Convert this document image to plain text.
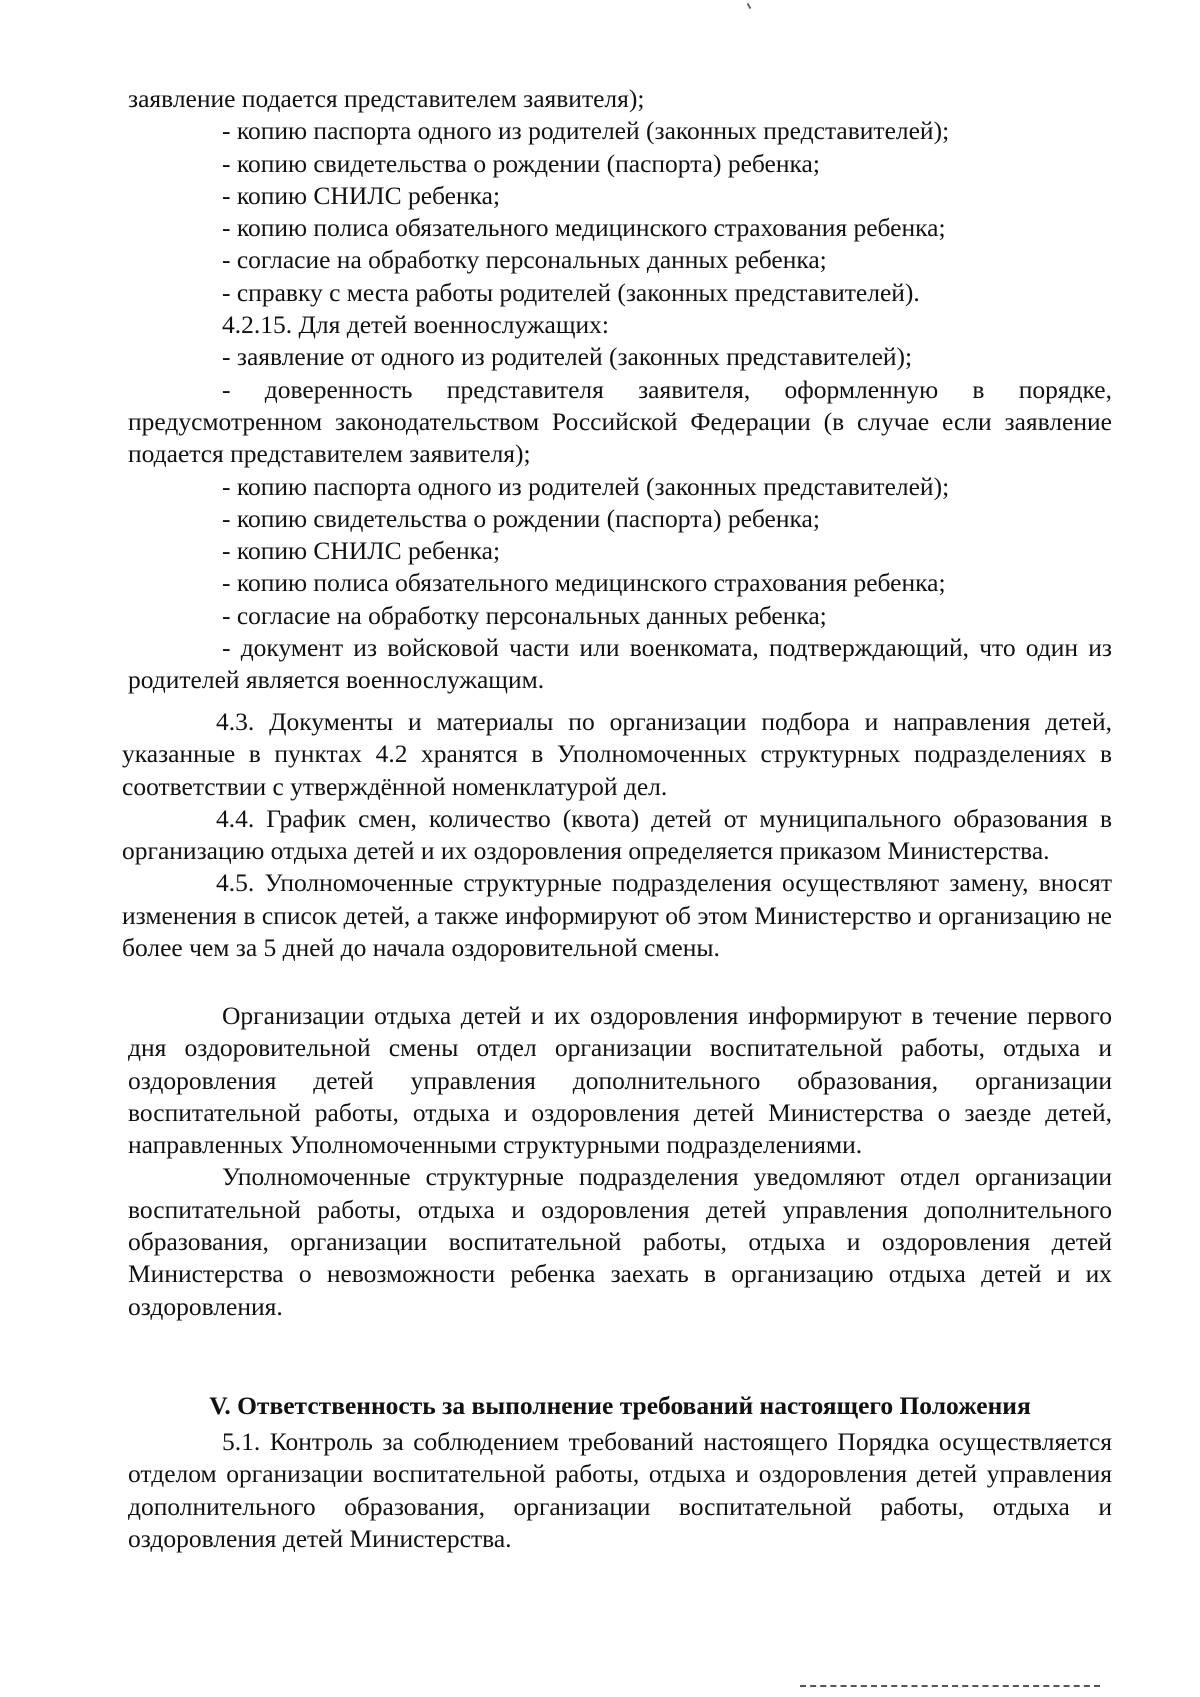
заявление подается представителем заявителя);

- копию паспорта одного из родителей (законных представителей);

- копию свидетельства о рождении (паспорта) ребенка;

- копию СНИЛС ребенка;

- копию полиса обязательного медицинского страхования ребенка;

- согласие на обработку персональных данных ребенка;

- справку с места работы родителей (законных представителей).

4.2.15. Для детей военнослужащих:

- заявление от одного из родителей (законных представителей);

- доверенность представителя заявителя, оформленную в порядке, предусмотренном законодательством Российской Федерации (в случае если заявление подается представителем заявителя);

- копию паспорта одного из родителей (законных представителей);

- копию свидетельства о рождении (паспорта) ребенка;

- копию СНИЛС ребенка;

- копию полиса обязательного медицинского страхования ребенка;

- согласие на обработку персональных данных ребенка;

- документ из войсковой части или военкомата, подтверждающий, что один из родителей является военнослужащим.

4.3. Документы и материалы по организации подбора и направления детей, указанные в пунктах 4.2 хранятся в Уполномоченных структурных подразделениях в соответствии с утверждённой номенклатурой дел.

4.4. График смен, количество (квота) детей от муниципального образования в организацию отдыха детей и их оздоровления определяется приказом Министерства.

4.5. Уполномоченные структурные подразделения осуществляют замену, вносят изменения в список детей, а также информируют об этом Министерство и организацию не более чем за 5 дней до начала оздоровительной смены.

Организации отдыха детей и их оздоровления информируют в течение первого дня оздоровительной смены отдел организации воспитательной работы, отдыха и оздоровления детей управления дополнительного образования, организации воспитательной работы, отдыха и оздоровления детей Министерства о заезде детей, направленных Уполномоченными структурными подразделениями.

Уполномоченные структурные подразделения уведомляют отдел организации воспитательной работы, отдыха и оздоровления детей управления дополнительного образования, организации воспитательной работы, отдыха и оздоровления детей Министерства о невозможности ребенка заехать в организацию отдыха детей и их оздоровления.

V. Ответственность за выполнение требований настоящего Положения

5.1. Контроль за соблюдением требований настоящего Порядка осуществляется отделом организации воспитательной работы, отдыха и оздоровления детей управления дополнительного образования, организации воспитательной работы, отдыха и оздоровления детей Министерства.
